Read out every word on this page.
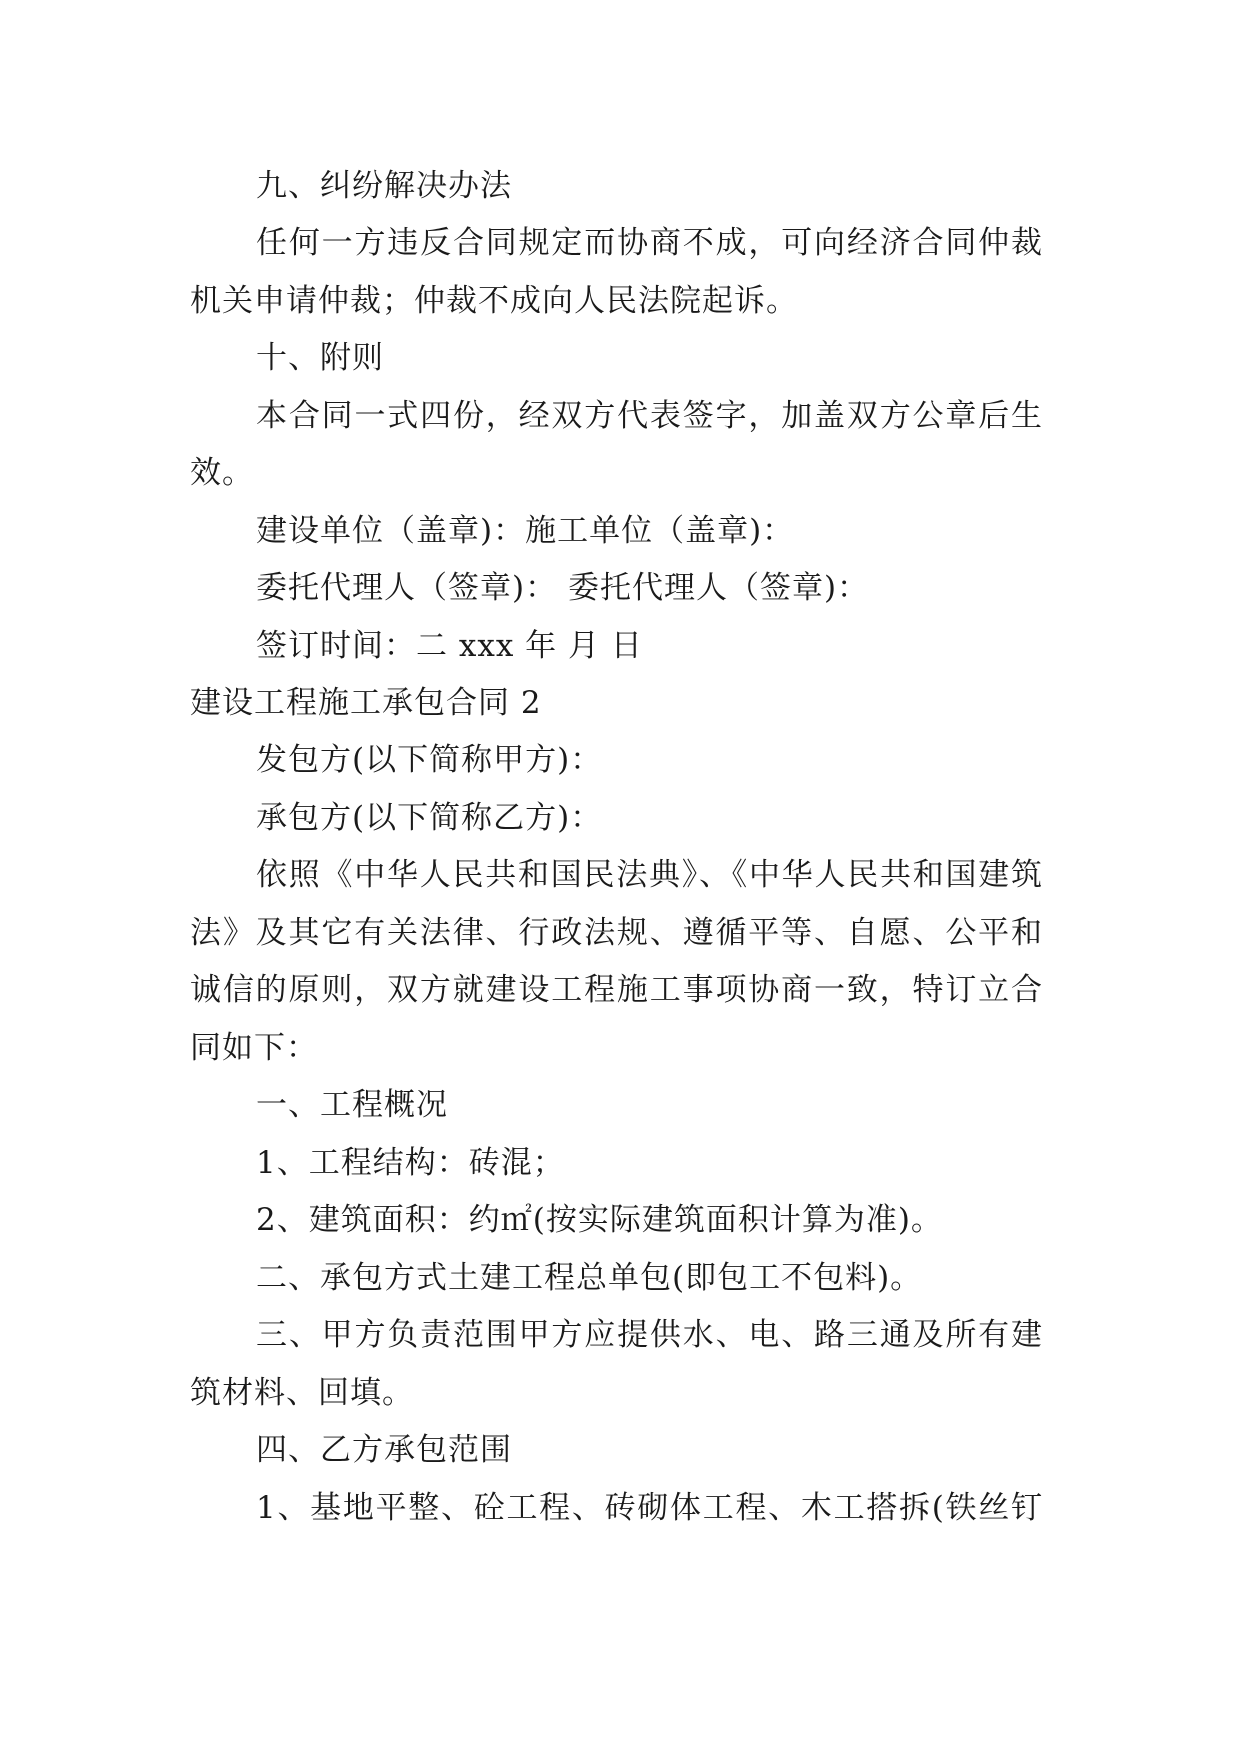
九、纠纷解决办法
任何一方违反合同规定而协商不成，可向经济合同仲裁
机关申请仲裁；仲裁不成向人民法院起诉。
十、附则
本合同一式四份，经双方代表签字，加盖双方公章后生
效。
建设单位（盖章)：施工单位（盖章)：
委托代理人（签章)： 委托代理人（签章)：
签订时间：二 xxx 年 月 日
建设工程施工承包合同 2
发包方(以下简称甲方)：
承包方(以下简称乙方)：
依照《中华人民共和国民法典》、《中华人民共和国建筑
法》及其它有关法律、行政法规、遵循平等、自愿、公平和
诚信的原则，双方就建设工程施工事项协商一致，特订立合
同如下：
一、工程概况
1、工程结构：砖混；
2、建筑面积：约㎡(按实际建筑面积计算为准)。
二、承包方式土建工程总单包(即包工不包料)。
三、甲方负责范围甲方应提供水、电、路三通及所有建
筑材料、回填。
四、乙方承包范围
1、基地平整、砼工程、砖砌体工程、木工搭拆(铁丝钉
